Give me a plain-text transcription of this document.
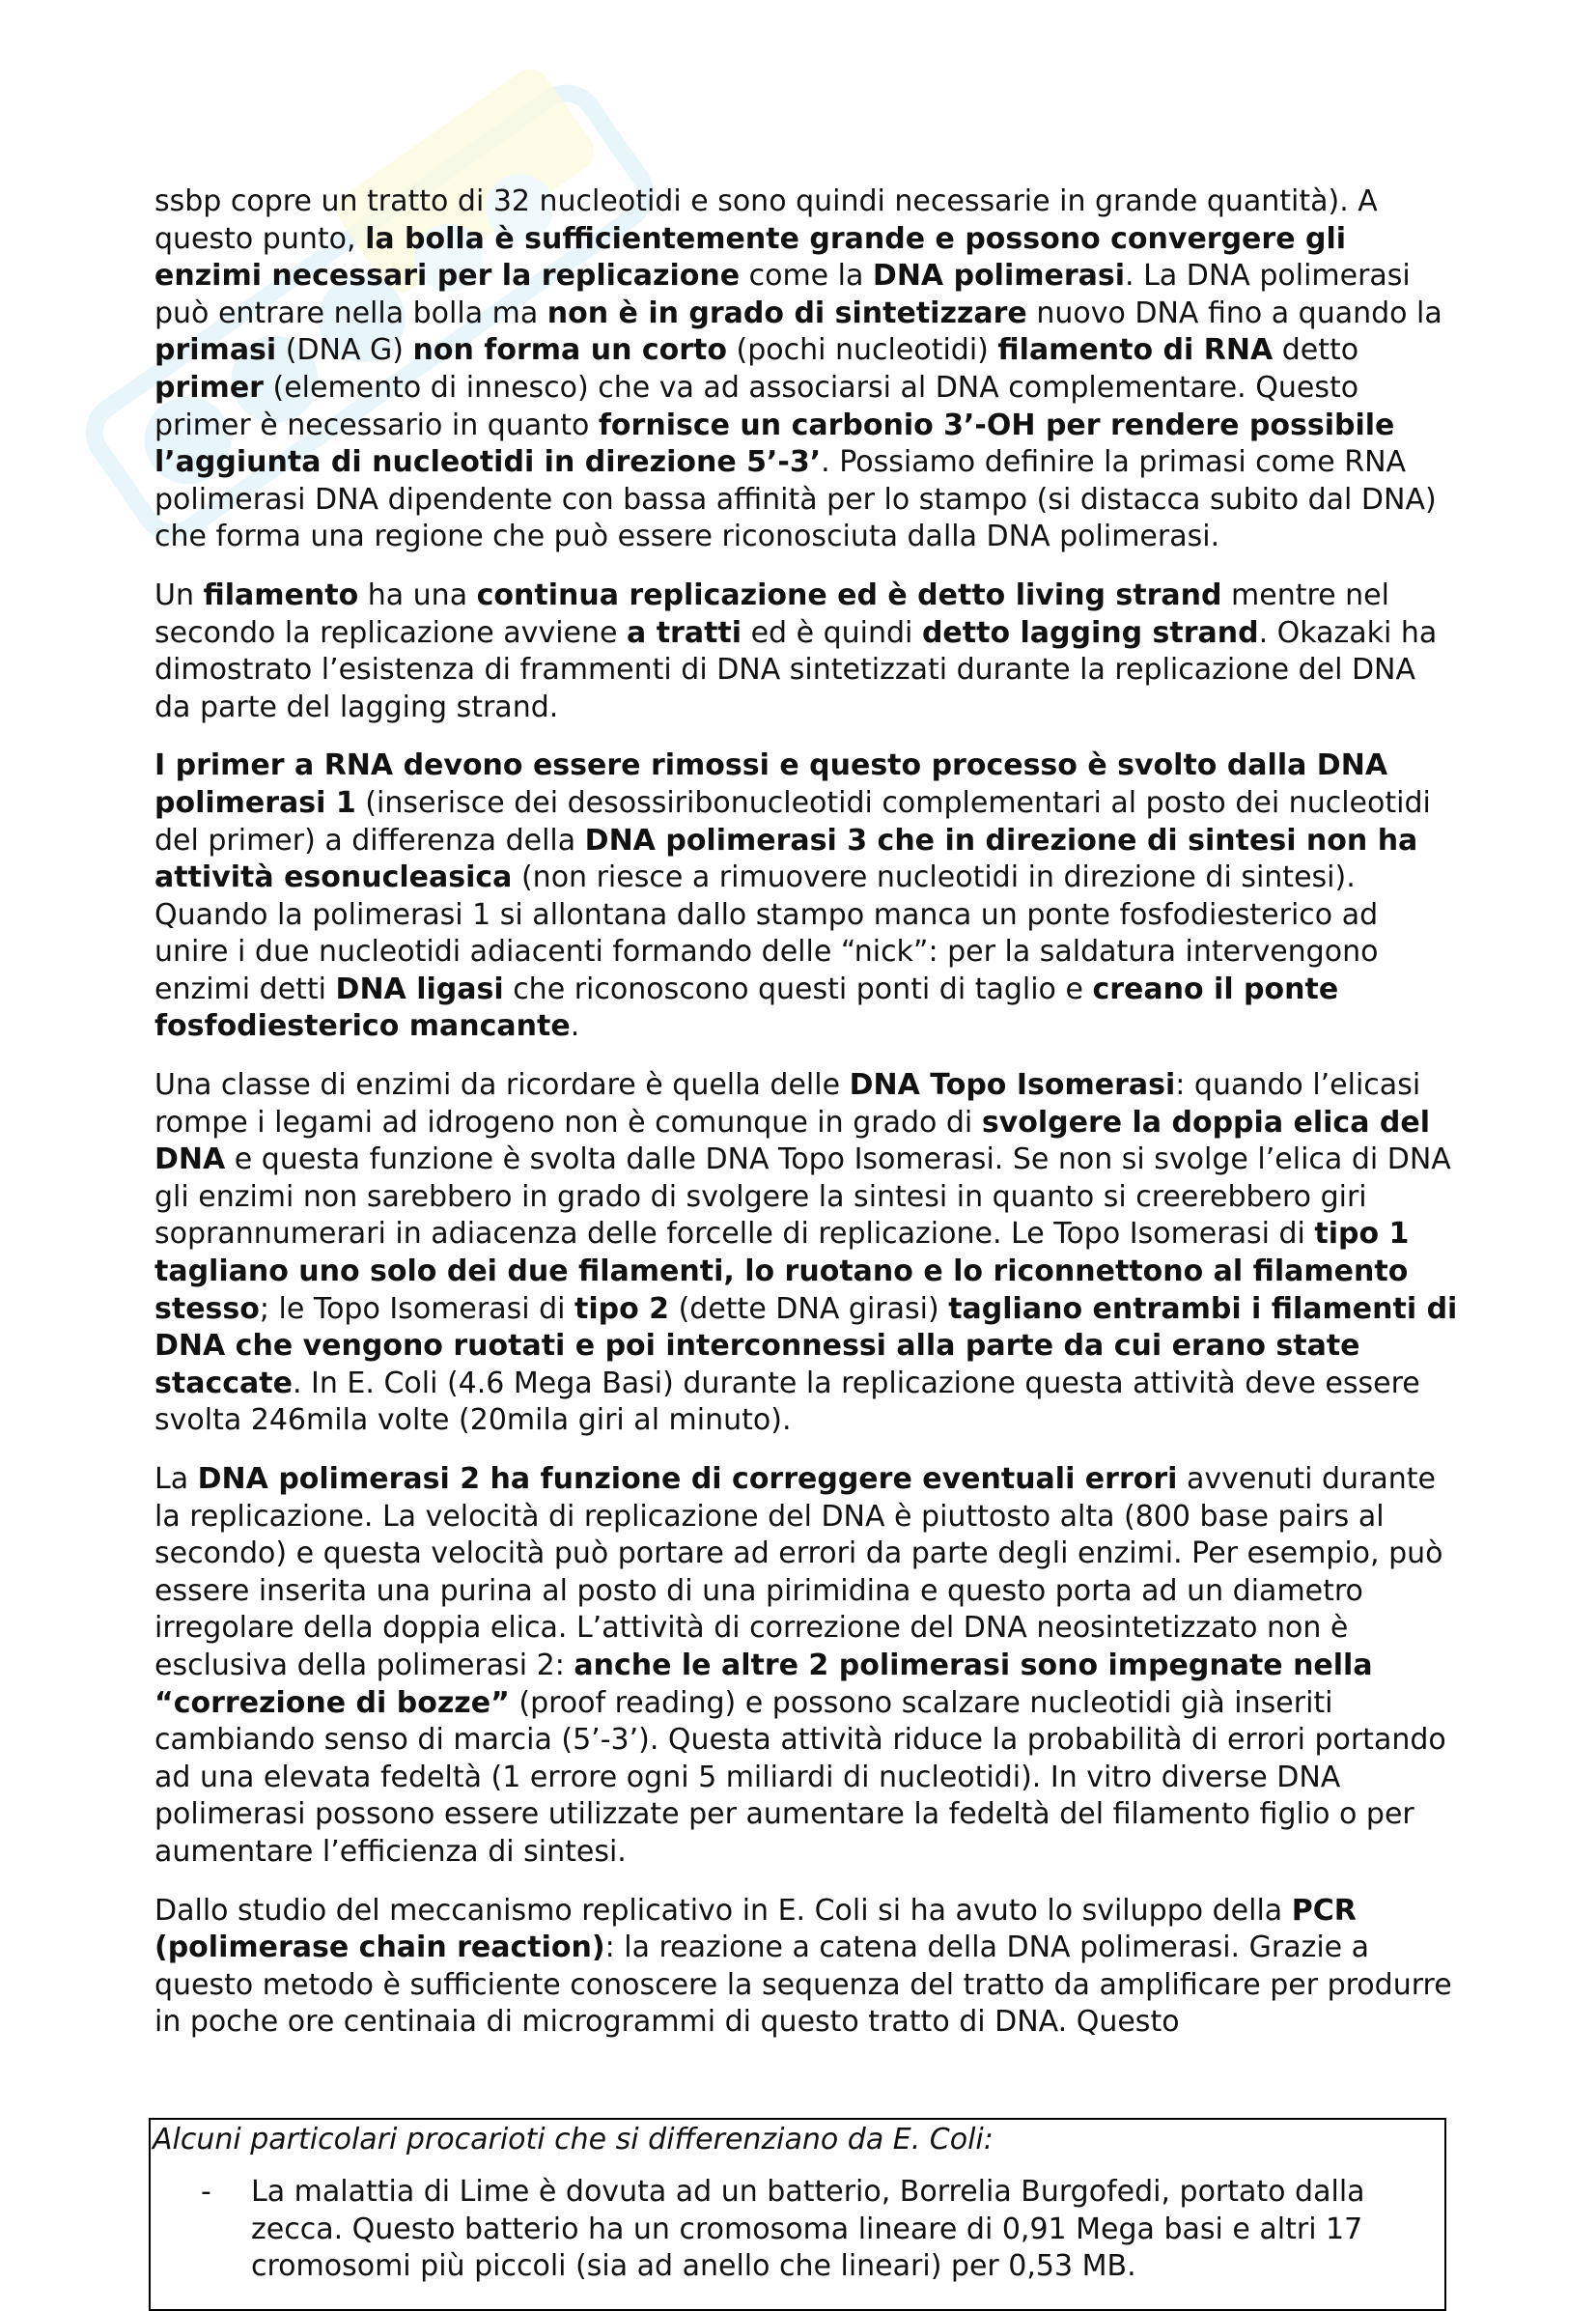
ssbp copre un tratto di 32 nucleotidi e sono quindi necessarie in grande quantità). A questo punto, la bolla è sufficientemente grande e possono convergere gli enzimi necessari per la replicazione come la DNA polimerasi. La DNA polimerasi può entrare nella bolla ma non è in grado di sintetizzare nuovo DNA fino a quando la primasi (DNA G) non forma un corto (pochi nucleotidi) filamento di RNA detto primer (elemento di innesco) che va ad associarsi al DNA complementare. Questo primer è necessario in quanto fornisce un carbonio 3’-OH per rendere possibile l’aggiunta di nucleotidi in direzione 5’-3’. Possiamo definire la primasi come RNA polimerasi DNA dipendente con bassa affinità per lo stampo (si distacca subito dal DNA) che forma una regione che può essere riconosciuta dalla DNA polimerasi.

Un filamento ha una continua replicazione ed è detto living strand mentre nel secondo la replicazione avviene a tratti ed è quindi detto lagging strand. Okazaki ha dimostrato l’esistenza di frammenti di DNA sintetizzati durante la replicazione del DNA da parte del lagging strand.

I primer a RNA devono essere rimossi e questo processo è svolto dalla DNA polimerasi 1 (inserisce dei desossiribonucleotidi complementari al posto dei nucleotidi del primer) a differenza della DNA polimerasi 3 che in direzione di sintesi non ha attività esonucleasica (non riesce a rimuovere nucleotidi in direzione di sintesi). Quando la polimerasi 1 si allontana dallo stampo manca un ponte fosfodiesterico ad unire i due nucleotidi adiacenti formando delle “nick”: per la saldatura intervengono enzimi detti DNA ligasi che riconoscono questi ponti di taglio e creano il ponte fosfodiesterico mancante.

Una classe di enzimi da ricordare è quella delle DNA Topo Isomerasi: quando l’elicasi rompe i legami ad idrogeno non è comunque in grado di svolgere la doppia elica del DNA e questa funzione è svolta dalle DNA Topo Isomerasi. Se non si svolge l’elica di DNA gli enzimi non sarebbero in grado di svolgere la sintesi in quanto si creerebbero giri soprannumerari in adiacenza delle forcelle di replicazione. Le Topo Isomerasi di tipo 1 tagliano uno solo dei due filamenti, lo ruotano e lo riconnettono al filamento stesso; le Topo Isomerasi di tipo 2 (dette DNA girasi) tagliano entrambi i filamenti di DNA che vengono ruotati e poi interconnessi alla parte da cui erano state staccate. In E. Coli (4.6 Mega Basi) durante la replicazione questa attività deve essere svolta 246mila volte (20mila giri al minuto).

La DNA polimerasi 2 ha funzione di correggere eventuali errori avvenuti durante la replicazione. La velocità di replicazione del DNA è piuttosto alta (800 base pairs al secondo) e questa velocità può portare ad errori da parte degli enzimi. Per esempio, può essere inserita una purina al posto di una pirimidina e questo porta ad un diametro irregolare della doppia elica. L’attività di correzione del DNA neosintetizzato non è esclusiva della polimerasi 2: anche le altre 2 polimerasi sono impegnate nella “correzione di bozze” (proof reading) e possono scalzare nucleotidi già inseriti cambiando senso di marcia (5’-3’). Questa attività riduce la probabilità di errori portando ad una elevata fedeltà (1 errore ogni 5 miliardi di nucleotidi). In vitro diverse DNA polimerasi possono essere utilizzate per aumentare la fedeltà del filamento figlio o per aumentare l’efficienza di sintesi.

Dallo studio del meccanismo replicativo in E. Coli si ha avuto lo sviluppo della PCR (polimerase chain reaction): la reazione a catena della DNA polimerasi. Grazie a questo metodo è sufficiente conoscere la sequenza del tratto da amplificare per produrre in poche ore centinaia di microgrammi di questo tratto di DNA. Questo

Alcuni particolari procarioti che si differenziano da E. Coli:
- La malattia di Lime è dovuta ad un batterio, Borrelia Burgofedi, portato dalla zecca. Questo batterio ha un cromosoma lineare di 0,91 Mega basi e altri 17 cromosomi più piccoli (sia ad anello che lineari) per 0,53 MB.
